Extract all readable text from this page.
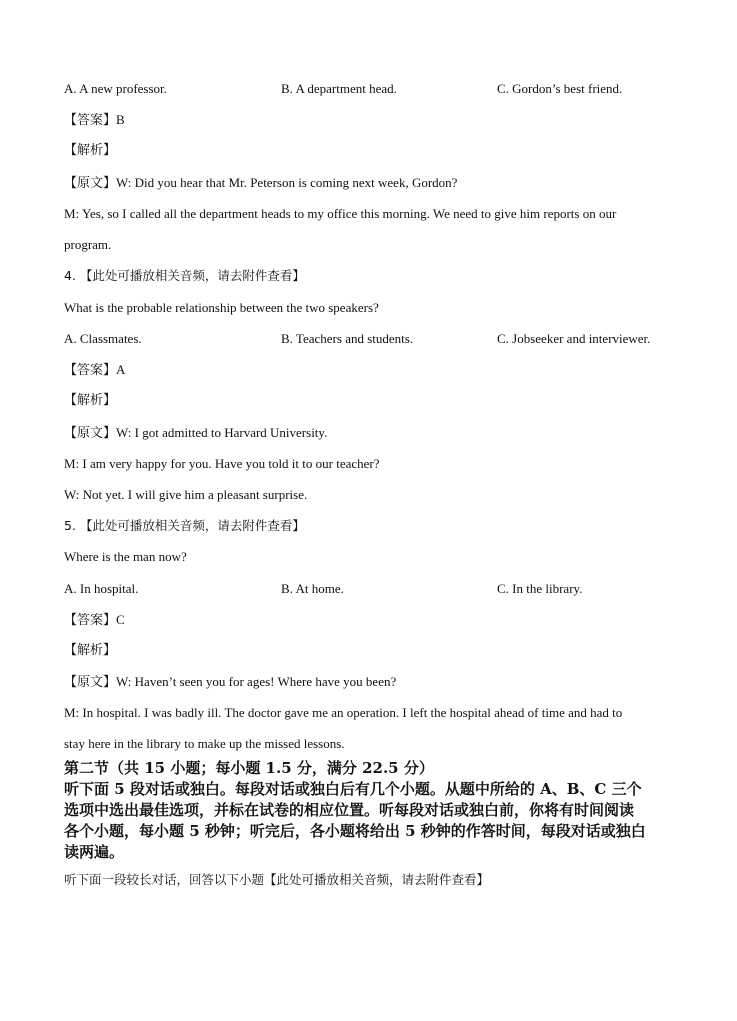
A. A new professor.	B. A department head.	C. Gordon’s best friend.
【答案】B
【解析】
【原文】W: Did you hear that Mr. Peterson is coming next week, Gordon?
M: Yes, so I called all the department heads to my office this morning. We need to give him reports on our
program.
4. 【此处可播放相关音频，请去附件查看】
What is the probable relationship between the two speakers?
A. Classmates.	B. Teachers and students.	C. Jobseeker and interviewer.
【答案】A
【解析】
【原文】W: I got admitted to Harvard University.
M: I am very happy for you. Have you told it to our teacher?
W: Not yet. I will give him a pleasant surprise.
5. 【此处可播放相关音频，请去附件查看】
Where is the man now?
A. In hospital.	B. At home.	C. In the library.
【答案】C
【解析】
【原文】W: Haven’t seen you for ages! Where have you been?
M: In hospital. I was badly ill. The doctor gave me an operation. I left the hospital ahead of time and had to
stay here in the library to make up the missed lessons.
第二节（共 15 小题；每小题 1.5 分，满分 22.5 分）
听下面 5 段对话或独白。每段对话或独白后有几个小题。从题中所给的 A、B、C 三个
选项中选出最佳选项，并标在试卷的相应位置。听每段对话或独白前，你将有时间阅读
各个小题，每小题 5 秒钟；听完后，各小题将给出 5 秒钟的作答时间，每段对话或独白
读两遍。
听下面一段较长对话，回答以下小题【此处可播放相关音频，请去附件查看】
